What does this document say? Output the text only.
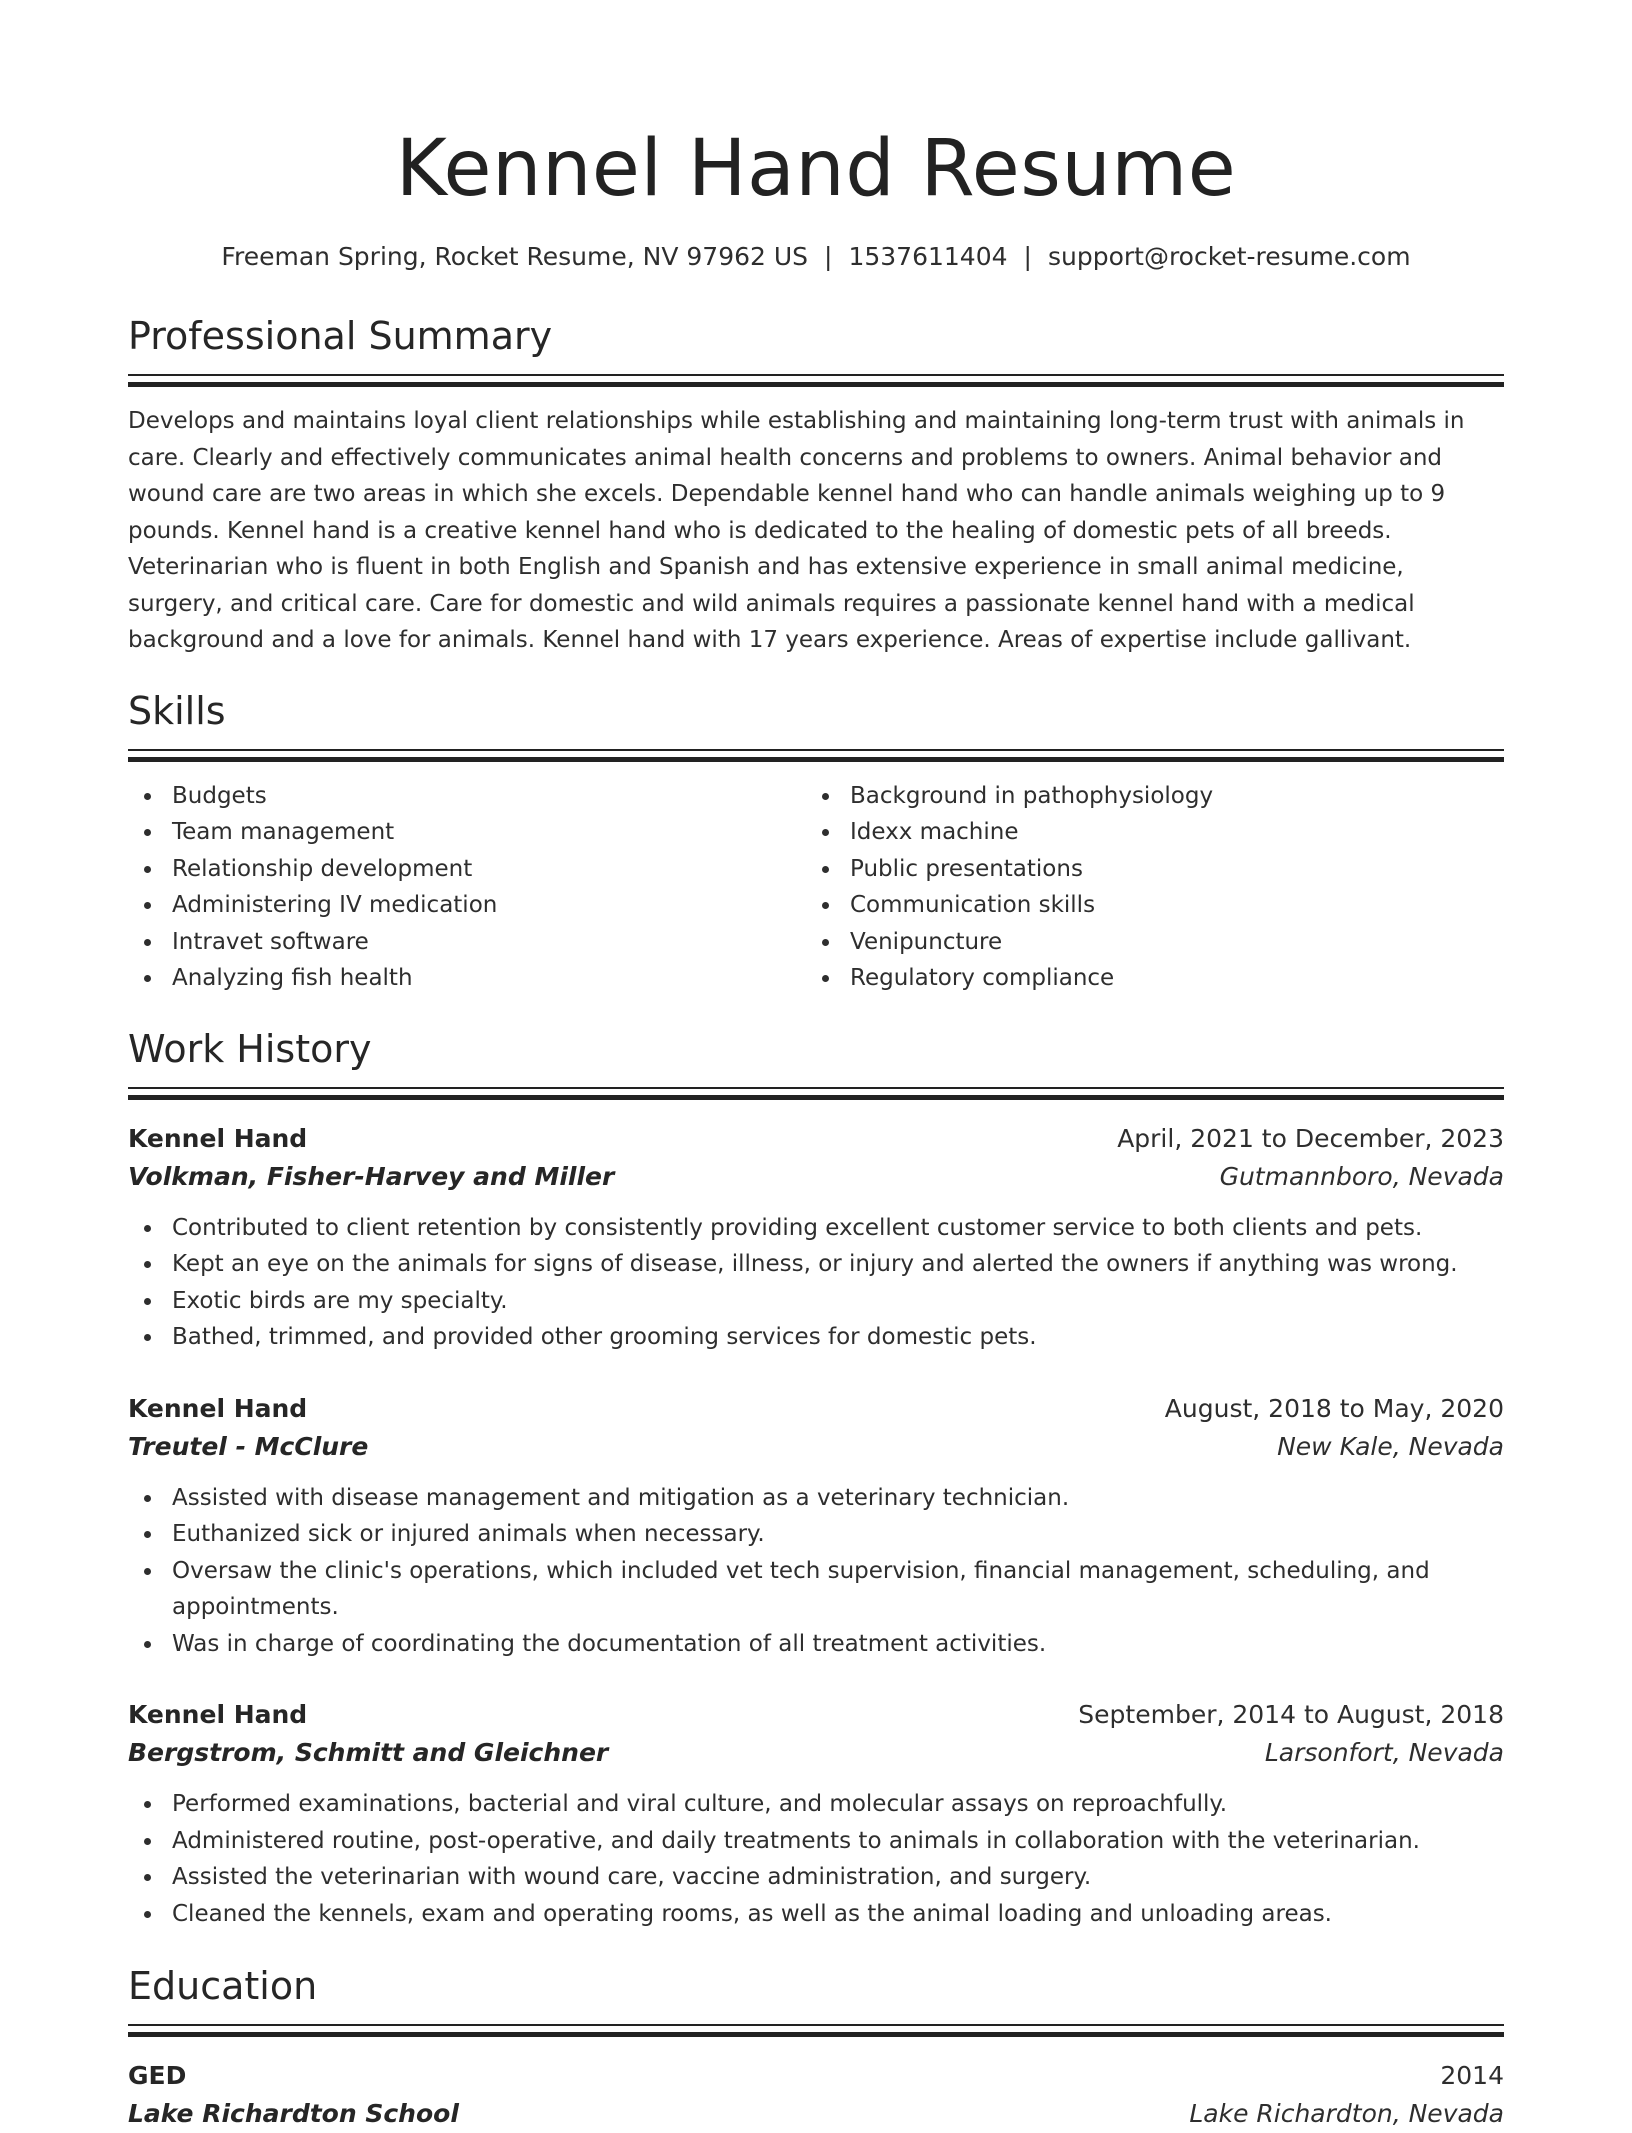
Kennel Hand Resume
Freeman Spring, Rocket Resume, NV 97962 US | 1537611404 | support@rocket-resume.com
Professional Summary

Develops and maintains loyal client relationships while establishing and maintaining long-term trust with animals in care. Clearly and effectively communicates animal health concerns and problems to owners. Animal behavior and wound care are two areas in which she excels. Dependable kennel hand who can handle animals weighing up to 9 pounds. Kennel hand is a creative kennel hand who is dedicated to the healing of domestic pets of all breeds. Veterinarian who is fluent in both English and Spanish and has extensive experience in small animal medicine, surgery, and critical care. Care for domestic and wild animals requires a passionate kennel hand with a medical background and a love for animals. Kennel hand with 17 years experience. Areas of expertise include gallivant.

Skills
Budgets
Team management
Relationship development
Administering IV medication
Intravet software
Analyzing fish health
Background in pathophysiology
Idexx machine
Public presentations
Communication skills
Venipuncture
Regulatory compliance
Work History
Kennel Hand	April, 2021 to December, 2023
Volkman, Fisher-Harvey and Miller	Gutmannboro, Nevada
Contributed to client retention by consistently providing excellent customer service to both clients and pets.
Kept an eye on the animals for signs of disease, illness, or injury and alerted the owners if anything was wrong.
Exotic birds are my specialty.
Bathed, trimmed, and provided other grooming services for domestic pets.
Kennel Hand	August, 2018 to May, 2020
Treutel - McClure	New Kale, Nevada
Assisted with disease management and mitigation as a veterinary technician.
Euthanized sick or injured animals when necessary.
Oversaw the clinic's operations, which included vet tech supervision, financial management, scheduling, and appointments.
Was in charge of coordinating the documentation of all treatment activities.
Kennel Hand	September, 2014 to August, 2018
Bergstrom, Schmitt and Gleichner	Larsonfort, Nevada
Performed examinations, bacterial and viral culture, and molecular assays on reproachfully.
Administered routine, post-operative, and daily treatments to animals in collaboration with the veterinarian.
Assisted the veterinarian with wound care, vaccine administration, and surgery.
Cleaned the kennels, exam and operating rooms, as well as the animal loading and unloading areas.
Education
GED	2014
Lake Richardton School	Lake Richardton, Nevada
